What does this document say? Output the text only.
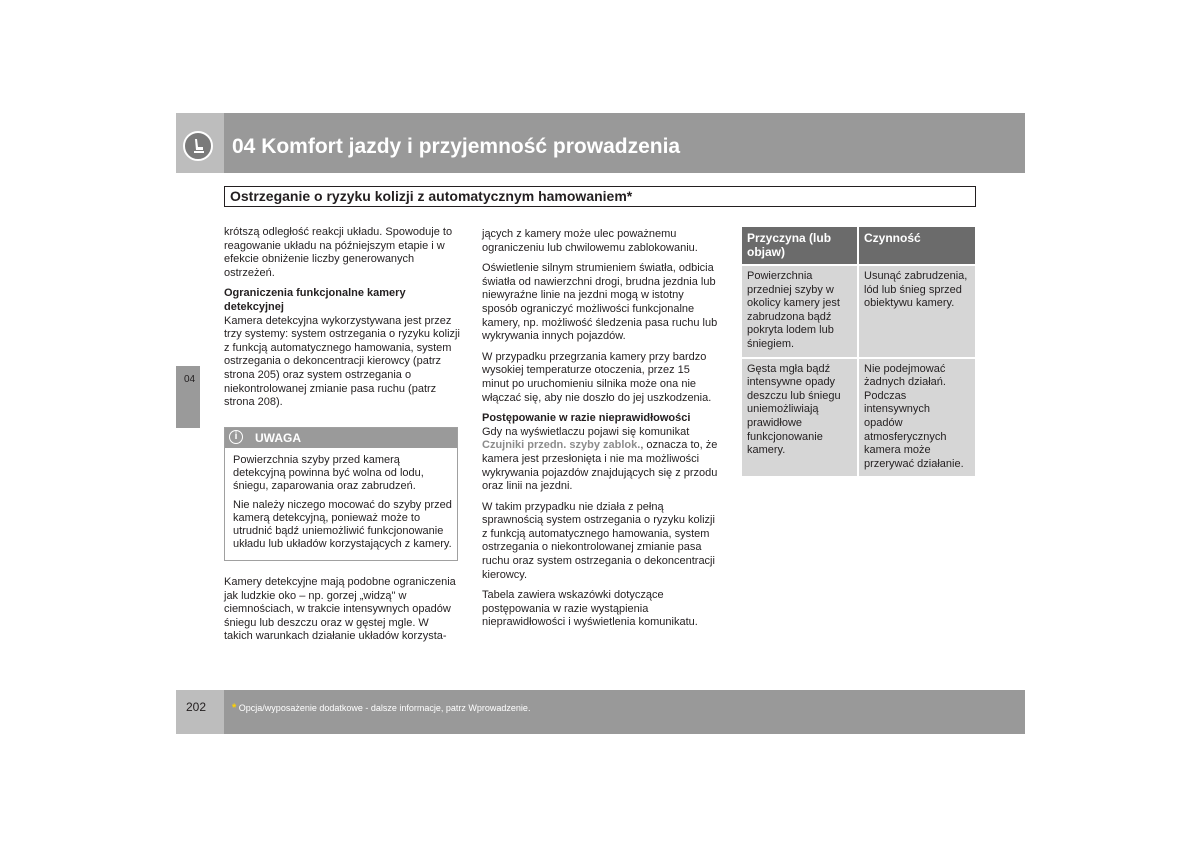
04 Komfort jazdy i przyjemność prowadzenia
Ostrzeganie o ryzyku kolizji z automatycznym hamowaniem*
04

krótszą odległość reakcji układu. Spowoduje to reagowanie układu na późniejszym etapie i w efekcie obniżenie liczby generowanych ostrzeżeń.

Ograniczenia funkcjonalne kamery detekcyjnej

Kamera detekcyjna wykorzystywana jest przez trzy systemy: system ostrzegania o ryzyku kolizji z funkcją automatycznego hamowania, system ostrzegania o dekoncentracji kierowcy (patrz strona 205) oraz system ostrzegania o niekontrolowanej zmianie pasa ruchu (patrz strona 208).

i	UWAGA

Powierzchnia szyby przed kamerą detekcyjną powinna być wolna od lodu, śniegu, zaparowania oraz zabrudzeń.

Nie należy niczego mocować do szyby przed kamerą detekcyjną, ponieważ może to utrudnić bądź uniemożliwić funkcjonowanie układu lub układów korzystających z kamery.

Kamery detekcyjne mają podobne ograniczenia jak ludzkie oko – np. gorzej „widzą" w ciemnościach, w trakcie intensywnych opadów śniegu lub deszczu oraz w gęstej mgle. W takich warunkach działanie układów korzysta-

jących z kamery może ulec poważnemu ograniczeniu lub chwilowemu zablokowaniu.

Oświetlenie silnym strumieniem światła, odbicia światła od nawierzchni drogi, brudna jezdnia lub niewyraźne linie na jezdni mogą w istotny sposób ograniczyć możliwości funkcjonalne kamery, np. możliwość śledzenia pasa ruchu lub wykrywania innych pojazdów.

W przypadku przegrzania kamery przy bardzo wysokiej temperaturze otoczenia, przez 15 minut po uruchomieniu silnika może ona nie włączać się, aby nie doszło do jej uszkodzenia.

Postępowanie w razie nieprawidłowości

Gdy na wyświetlaczu pojawi się komunikat Czujniki przedn. szyby zablok., oznacza to, że kamera jest przesłonięta i nie ma możliwości wykrywania pojazdów znajdujących się z przodu oraz linii na jezdni.

W takim przypadku nie działa z pełną sprawnością system ostrzegania o ryzyku kolizji z funkcją automatycznego hamowania, system ostrzegania o niekontrolowanej zmianie pasa ruchu oraz system ostrzegania o dekoncentracji kierowcy.

Tabela zawiera wskazówki dotyczące postępowania w razie wystąpienia nieprawidłowości i wyświetlenia komunikatu.

Przyczyna (lub objaw)	Czynność
Powierzchnia przedniej szyby w okolicy kamery jest zabrudzona bądź pokryta lodem lub śniegiem.	Usunąć zabrudzenia, lód lub śnieg sprzed obiektywu kamery.
Gęsta mgła bądź intensywne opady deszczu lub śniegu uniemożliwiają prawidłowe funkcjonowanie kamery.	Nie podejmować żadnych działań. Podczas intensywnych opadów atmosferycznych kamera może przerywać działanie.
202 * Opcja/wyposażenie dodatkowe - dalsze informacje, patrz Wprowadzenie.
